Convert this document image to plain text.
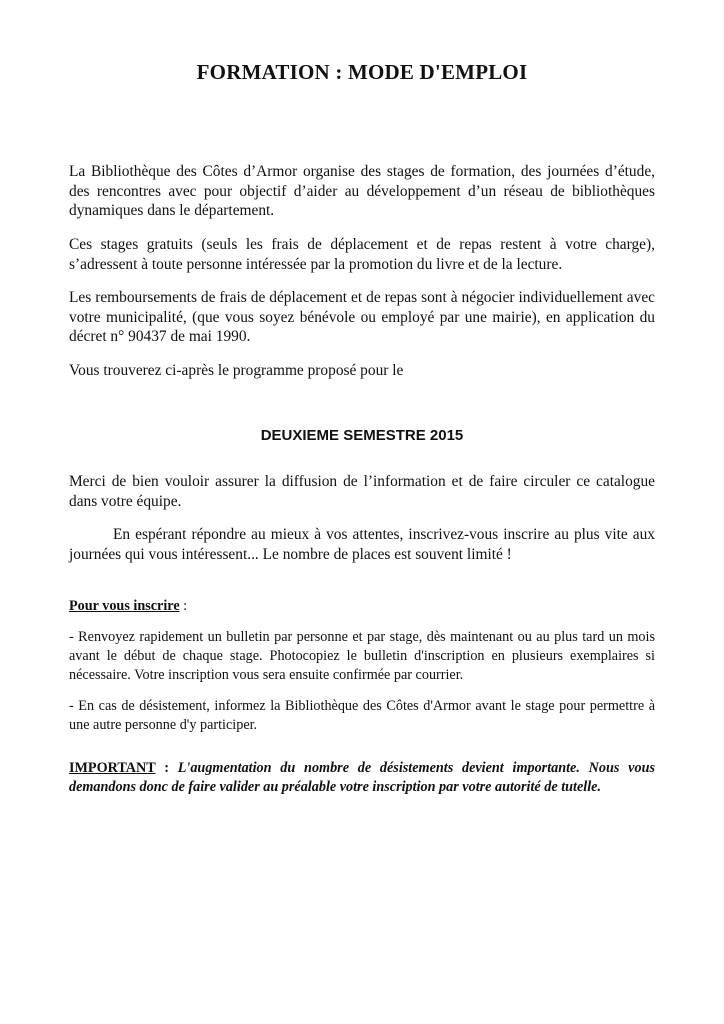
FORMATION : MODE D'EMPLOI

La Bibliothèque des Côtes d’Armor organise des stages de formation, des journées d’étude, des rencontres avec pour objectif d’aider au développement d’un réseau de bibliothèques dynamiques dans le département.

Ces stages gratuits (seuls les frais de déplacement et de repas restent à votre charge), s’adressent à toute personne intéressée par la promotion du livre et de la lecture.

Les remboursements de frais de déplacement et de repas sont à négocier individuellement avec votre municipalité, (que vous soyez bénévole ou employé par une mairie), en application du décret n° 90437 de mai 1990.

Vous trouverez ci-après le programme proposé pour le

DEUXIEME SEMESTRE 2015

Merci de bien vouloir assurer la diffusion de l’information et de faire circuler ce catalogue dans votre équipe.

En espérant répondre au mieux à vos attentes, inscrivez-vous inscrire au plus vite aux journées qui vous intéressent... Le nombre de places est souvent limité !

Pour vous inscrire :

- Renvoyez rapidement un bulletin par personne et par stage, dès maintenant ou au plus tard un mois avant le début de chaque stage. Photocopiez le bulletin d'inscription en plusieurs exemplaires si nécessaire. Votre inscription vous sera ensuite confirmée par courrier.

- En cas de désistement, informez la Bibliothèque des Côtes d'Armor avant le stage pour permettre à une autre personne d'y participer.

IMPORTANT : L'augmentation du nombre de désistements devient importante. Nous vous demandons donc de faire valider au préalable votre inscription par votre autorité de tutelle.
